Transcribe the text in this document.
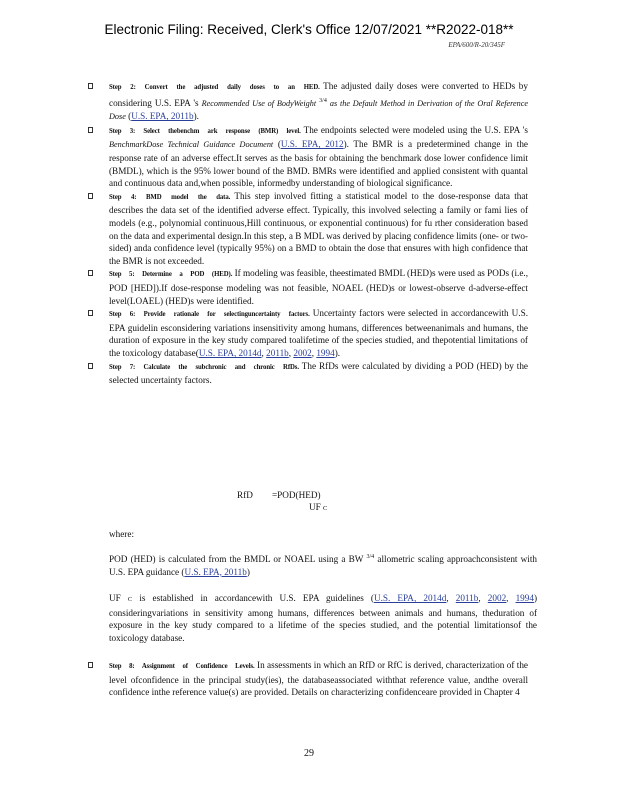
Electronic Filing: Received, Clerk's Office 12/07/2021 **R2022-018**
EPA/600/R-20/345F

Step 2: Convert the adjusted daily doses to an HED. The adjusted daily doses were converted to HEDs by considering U.S. EPA 's Recommended Use of BodyWeight $^{3/4}$ as the Default Method in Derivation of the Oral Reference Dose (U.S. EPA, 2011b).

Step 3: Select thebenchm ark response (BMR) level. The endpoints selected were modeled using the U.S. EPA 's BenchmarkDose Technical Guidance Document (U.S. EPA, 2012). The BMR is a predetermined change in the response rate of an adverse effect.It serves as the basis for obtaining the benchmark dose lower confidence limit (BMDL), which is the 95% lower bound of the BMD. BMRs were identified and applied consistent with quantal and continuous data and,when possible, informedby understanding of biological significance.

Step 4: BMD model the data. This step involved fitting a statistical model to the dose-response data that describes the data set of the identified adverse effect. Typically, this involved selecting a family or fami lies of models (e.g., polynomial continuous,Hill continuous, or exponential continuous) for fu rther consideration based on the data and experimental design.In this step, a B MDL was derived by placing confidence limits (one- or two-sided) anda confidence level (typically 95%) on a BMD to obtain the dose that ensures with high confidence that the BMR is not exceeded.

Step 5: Determine a POD (HED). If modeling was feasible, theestimated BMDL (HED)s were used as PODs (i.e., POD [HED]).If dose-response modeling was not feasible, NOAEL (HED)s or lowest-observe d-adverse-effect level(LOAEL) (HED)s were identified.

Step 6: Provide rationale for selectinguncertainty factors. Uncertainty factors were selected in accordancewith U.S. EPA guidelin esconsidering variations insensitivity among humans, differences betweenanimals and humans, the duration of exposure in the key study compared toalifetime of the species studied, and thepotential limitations of the toxicology database(U.S. EPA, 2014d, 2011b, 2002, 1994).

Step 7: Calculate the subchronic and chronic RfDs. The RfDs were calculated by dividing a POD (HED) by the selected uncertainty factors.

RfD =POD(HED)
UF C
where:
POD (HED) is calculated from the BMDL or NOAEL using a BW $^{3/4}$ allometric scaling approachconsistent with U.S. EPA guidance (U.S. EPA, 2011b)
UF C is established in accordancewith U.S. EPA guidelines (U.S. EPA, 2014d, 2011b, 2002, 1994) consideringvariations in sensitivity among humans, differences between animals and humans, theduration of exposure in the key study compared to a lifetime of the species studied, and the potential limitationsof the toxicology database.

Step 8: Assignment of Confidence Levels. In assessments in which an RfD or RfC is derived, characterization of the level ofconfidence in the principal study(ies), the databaseassociated withthat reference value, andthe overall confidence inthe reference value(s) are provided. Details on characterizing confidenceare provided in Chapter 4

29
